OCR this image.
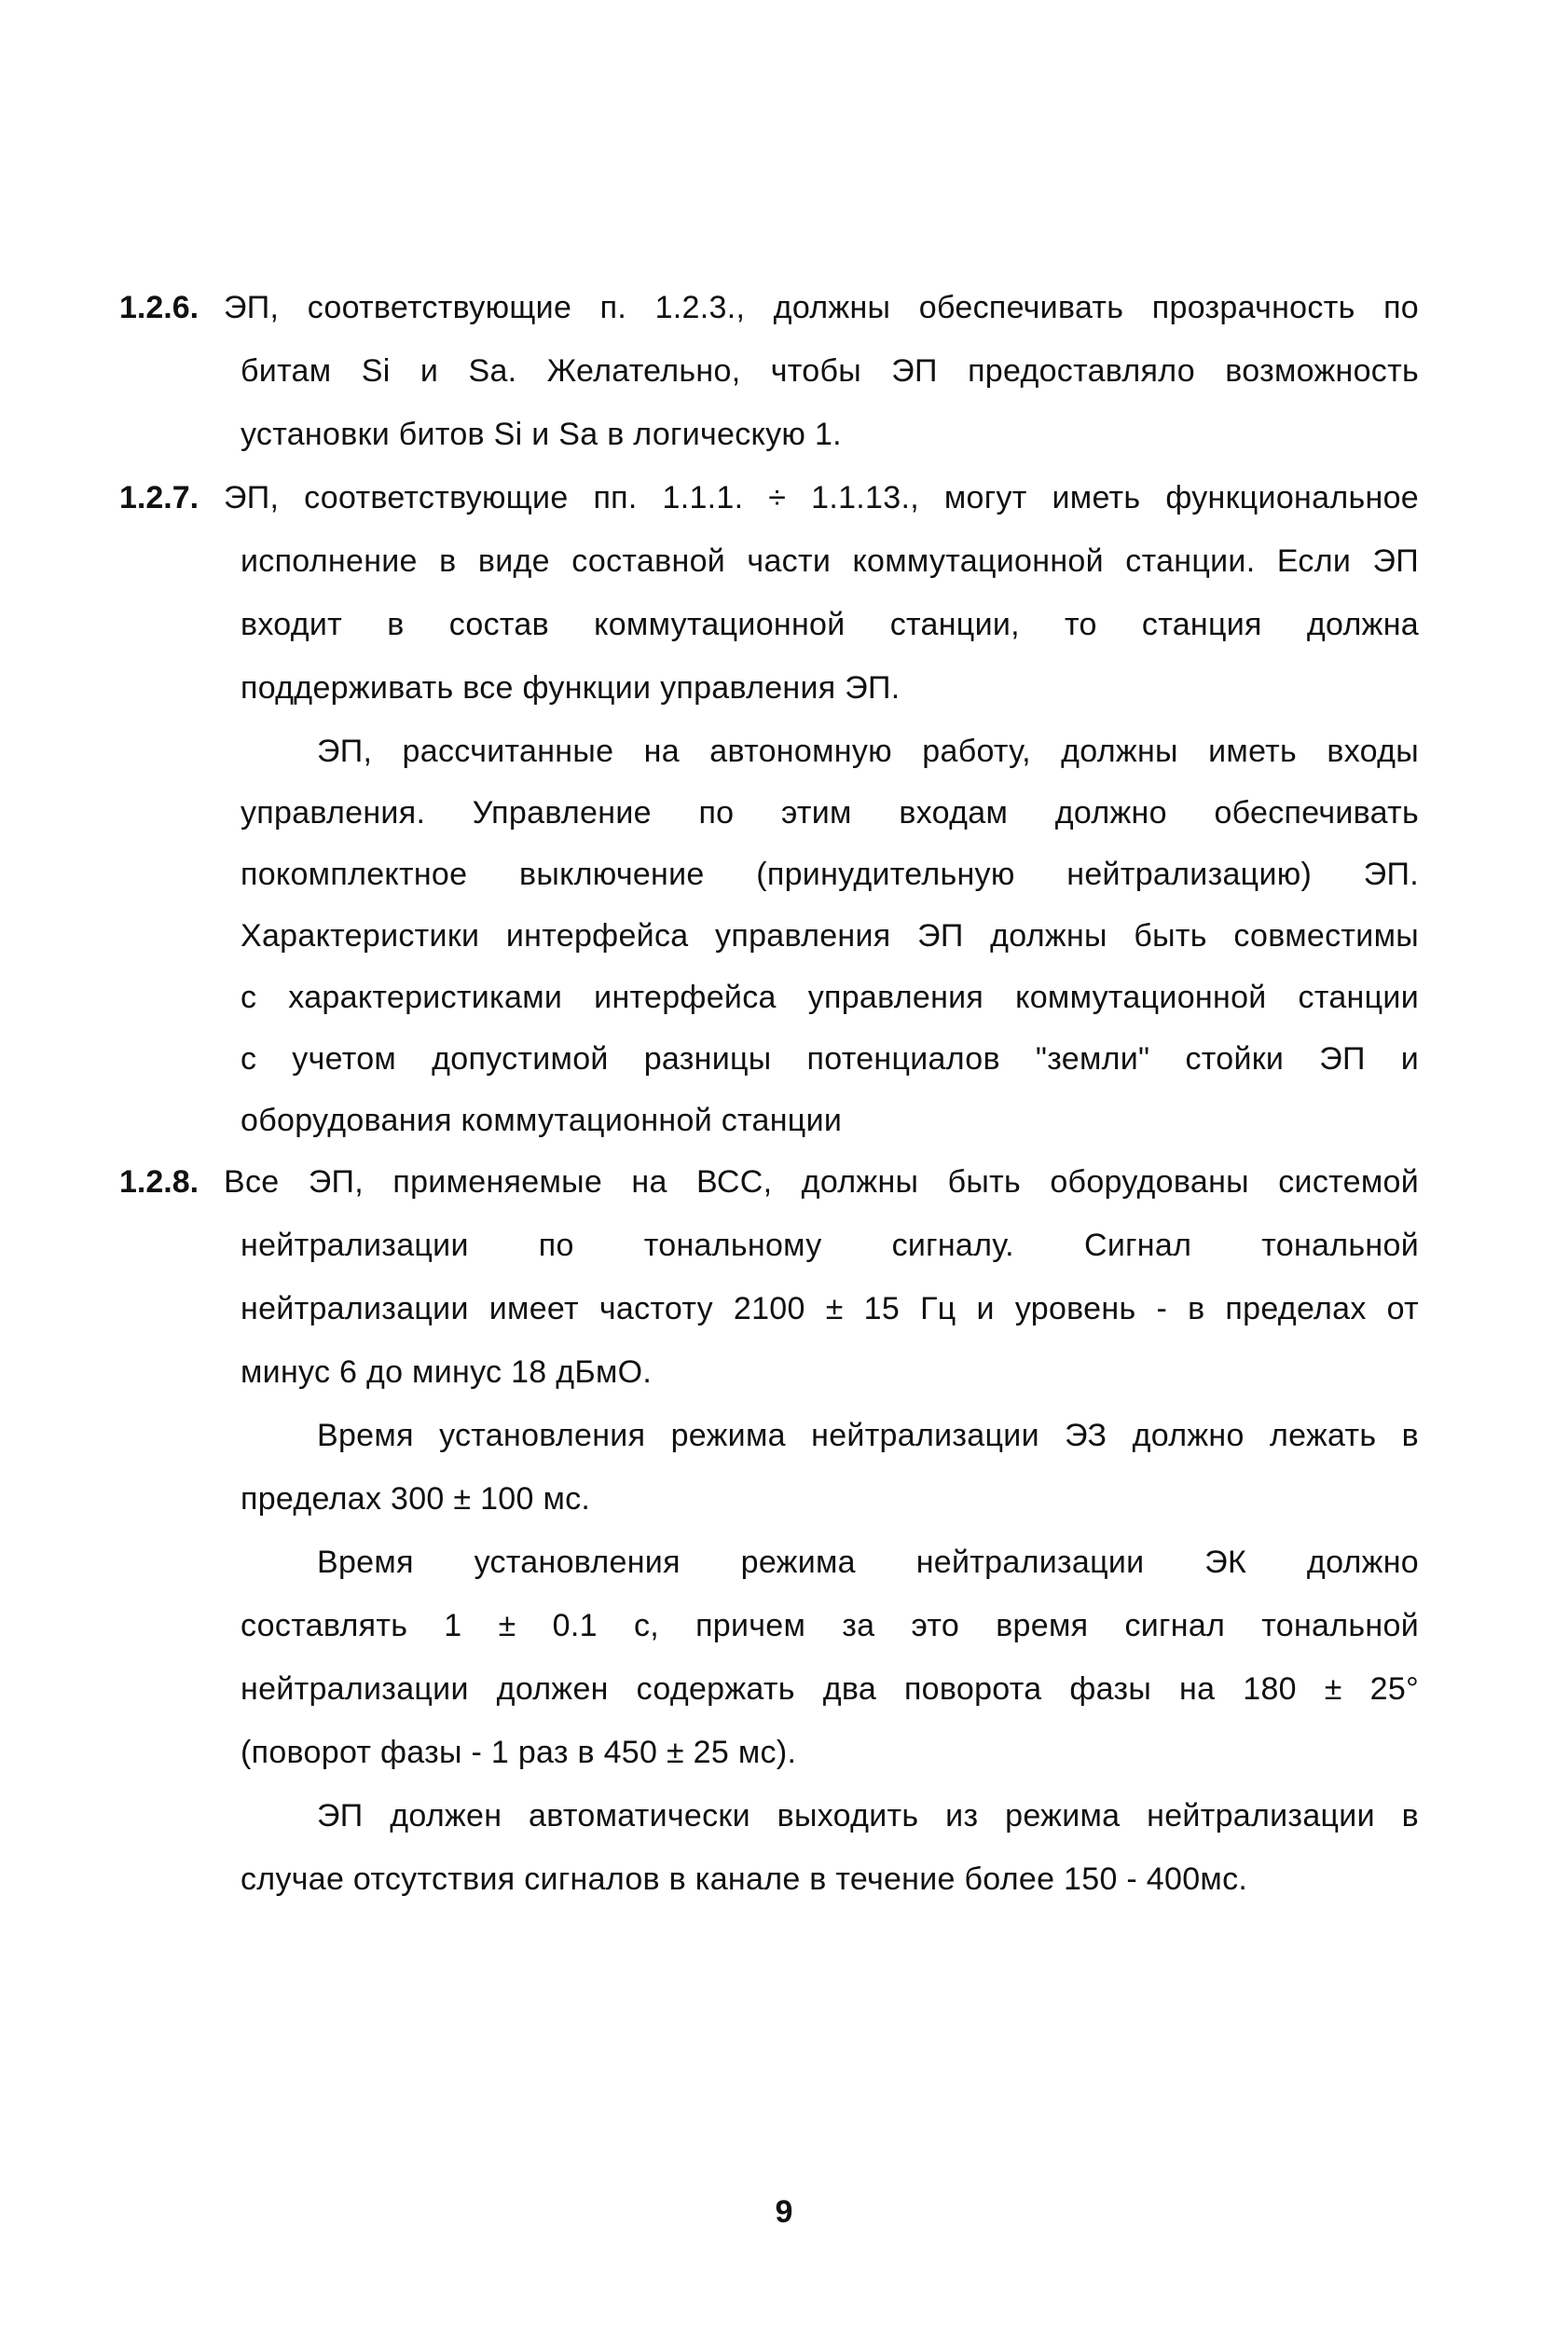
1.2.6. ЭП, соответствующие п. 1.2.3., должны обеспечивать прозрачность по
битам Si и Sa. Желательно, чтобы ЭП предоставляло возможность
установки битов Si и Sa в логическую 1.
1.2.7. ЭП, соответствующие пп. 1.1.1. ÷ 1.1.13., могут иметь функциональное
исполнение в виде составной части коммутационной станции. Если ЭП
входит в состав коммутационной станции, то станция должна
поддерживать все функции управления ЭП.
ЭП, рассчитанные на автономную работу, должны иметь входы
управления. Управление по этим входам должно обеспечивать
покомплектное выключение (принудительную нейтрализацию) ЭП.
Характеристики интерфейса управления ЭП должны быть совместимы
с характеристиками интерфейса управления коммутационной станции
с учетом допустимой разницы потенциалов "земли" стойки ЭП и
оборудования коммутационной станции
1.2.8. Все ЭП, применяемые на ВСС, должны быть оборудованы системой
нейтрализации по тональному сигналу. Сигнал тональной
нейтрализации имеет частоту 2100 ± 15 Гц и уровень - в пределах от
минус 6 до минус 18 дБмО.
Время установления режима нейтрализации ЭЗ должно лежать в
пределах 300 ± 100 мс.
Время установления режима нейтрализации ЭК должно
составлять 1 ± 0.1 с, причем за это время сигнал тональной
нейтрализации должен содержать два поворота фазы на 180 ± 25°
(поворот фазы - 1 раз в 450 ± 25 мс).
ЭП должен автоматически выходить из режима нейтрализации в
случае отсутствия сигналов в канале в течение более 150 - 400мс.
9
